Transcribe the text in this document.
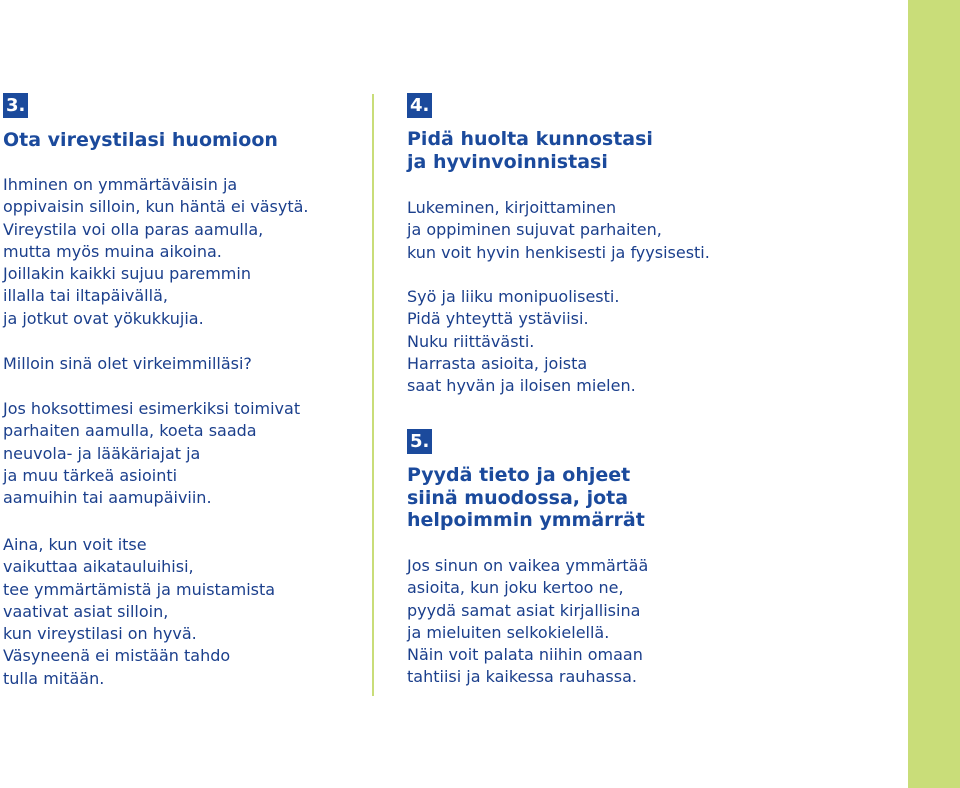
3.
Ota vireystilasi huomioon
Ihminen on ymmärtäväisin ja
oppivaisin silloin, kun häntä ei väsytä.
Vireystila voi olla paras aamulla,
mutta myös muina aikoina.
Joillakin kaikki sujuu paremmin
illalla tai iltapäivällä,
ja jotkut ovat yökukkujia.
Milloin sinä olet virkeimmilläsi?
Jos hoksottimesi esimerkiksi toimivat
parhaiten aamulla, koeta saada
neuvola- ja lääkäriajat ja
ja muu tärkeä asiointi
aamuihin tai aamupäiviin.
Aina, kun voit itse
vaikuttaa aikatauluihisi,
tee ymmärtämistä ja muistamista
vaativat asiat silloin,
kun vireystilasi on hyvä.
Väsyneenä ei mistään tahdo
tulla mitään.
4.
Pidä huolta kunnostasi
ja hyvinvoinnistasi
Lukeminen, kirjoittaminen
ja oppiminen sujuvat parhaiten,
kun voit hyvin henkisesti ja fyysisesti.
Syö ja liiku monipuolisesti.
Pidä yhteyttä ystäviisi.
Nuku riittävästi.
Harrasta asioita, joista
saat hyvän ja iloisen mielen.
5.
Pyydä tieto ja ohjeet
siinä muodossa, jota
helpoimmin ymmärrät
Jos sinun on vaikea ymmärtää
asioita, kun joku kertoo ne,
pyydä samat asiat kirjallisina
ja mieluiten selkokielellä.
Näin voit palata niihin omaan
tahtiisi ja kaikessa rauhassa.
